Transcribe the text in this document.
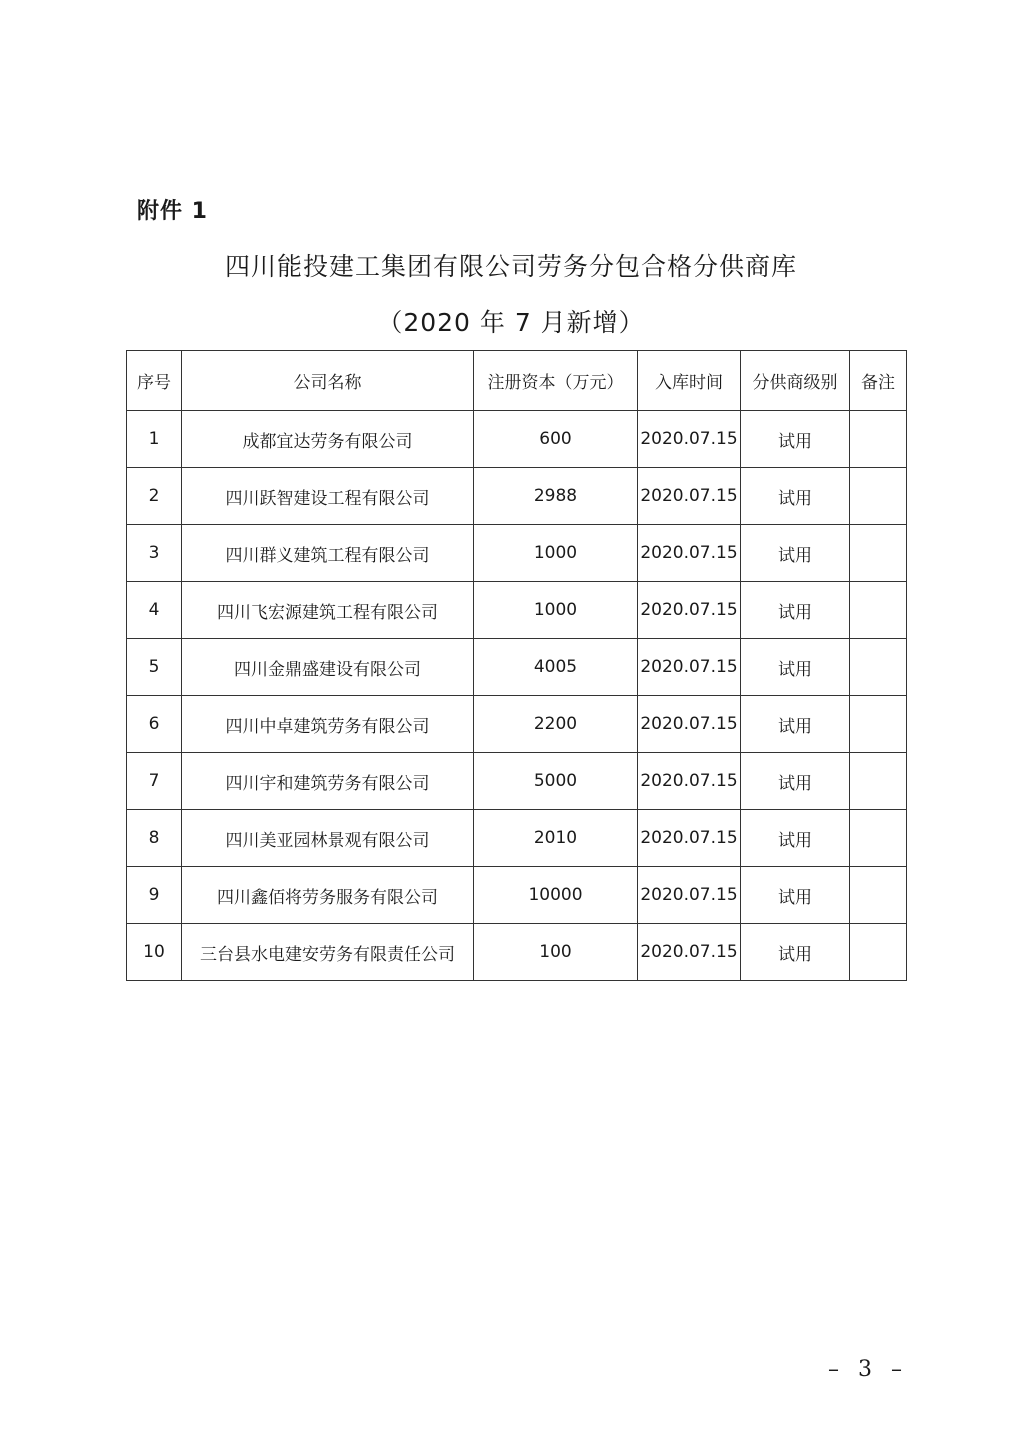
附件 1
四川能投建工集团有限公司劳务分包合格分供商库
（2020 年 7 月新增）
序号	公司名称	注册资本（万元）	入库时间	分供商级别	备注
1	成都宜达劳务有限公司	600	2020.07.15	试用	
2	四川跃智建设工程有限公司	2988	2020.07.15	试用	
3	四川群义建筑工程有限公司	1000	2020.07.15	试用	
4	四川飞宏源建筑工程有限公司	1000	2020.07.15	试用	
5	四川金鼎盛建设有限公司	4005	2020.07.15	试用	
6	四川中卓建筑劳务有限公司	2200	2020.07.15	试用	
7	四川宇和建筑劳务有限公司	5000	2020.07.15	试用	
8	四川美亚园林景观有限公司	2010	2020.07.15	试用	
9	四川鑫佰将劳务服务有限公司	10000	2020.07.15	试用	
10	三台县水电建安劳务有限责任公司	100	2020.07.15	试用	
– 3 –
